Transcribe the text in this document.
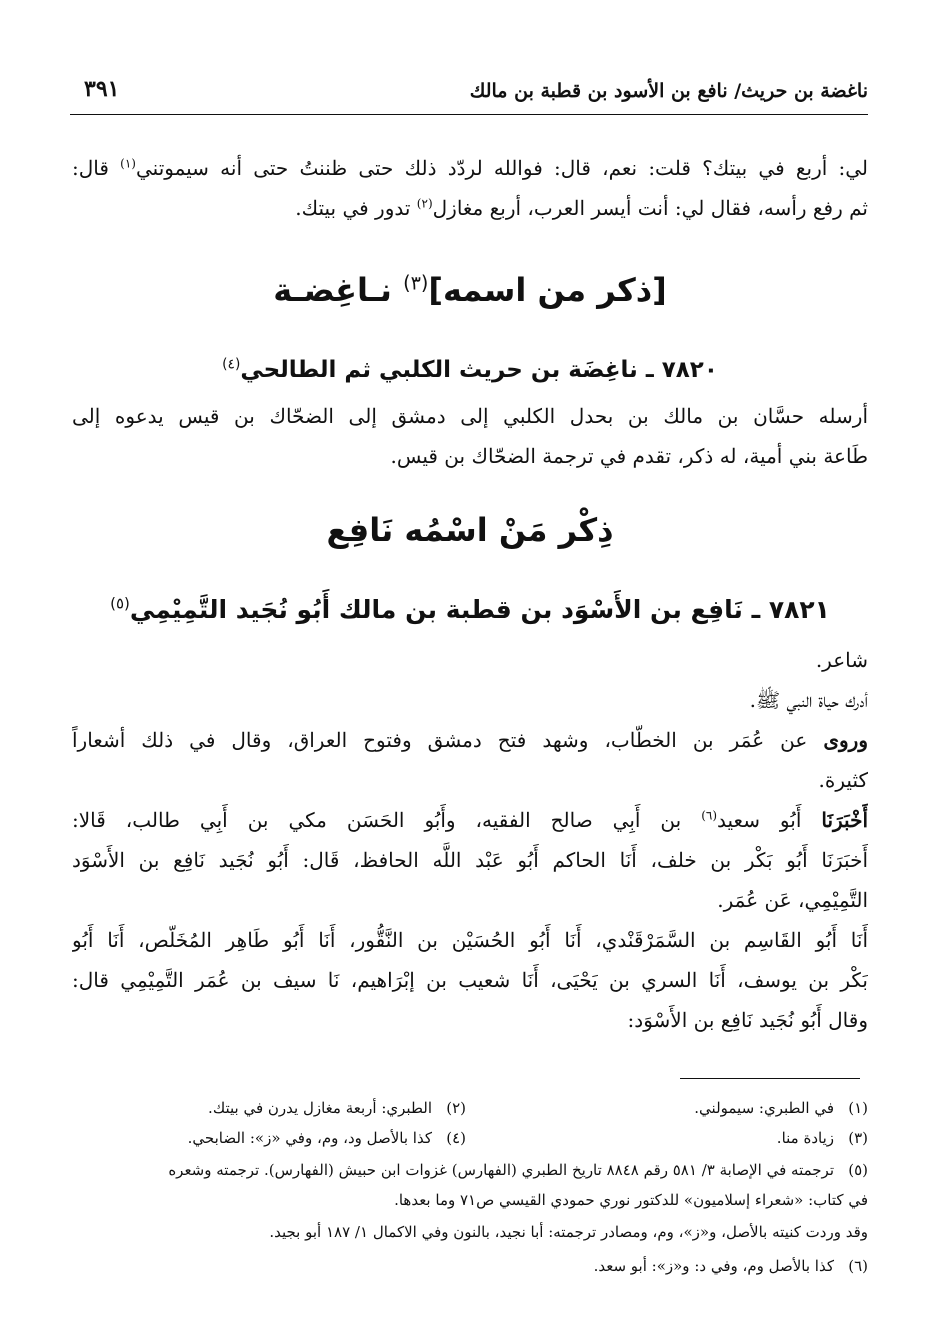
ناغضة بن حريث/ نافع بن الأسود بن قطبة بن مالك
٣٩١
لي: أربع في بيتك؟ قلت: نعم، قال: فوالله لردّد ذلك حتى ظننتُ حتى أنه سيموتني$^{(١)}$ قال:
ثم رفع رأسه، فقال لي: أنت أيسر العرب، أربع مغازل$^{(٢)}$ تدور في بيتك.
[ذكر من اسمه]$^{(٣)}$ نـاغِضـة
٧٨٢٠ ـ ناغِضَة بن حريث الكلبي ثم الطالحي$^{(٤)}$
أرسله حسَّان بن مالك بن بحدل الكلبي إلى دمشق إلى الضحّاك بن قيس يدعوه إلى
طَاعة بني أمية، له ذكر، تقدم في ترجمة الضحّاك بن قيس.
ذِكْر مَنْ اسْمُه نَافِع
٧٨٢١ ـ نَافِع بن الأَسْوَد بن قطبة بن مالك أَبُو نُجَيد التَّمِيْمِي$^{(٥)}$
شاعر.
أدرك حياة النبي ﷺ.
وروى عن عُمَر بن الخطّاب، وشهد فتح دمشق وفتوح العراق، وقال في ذلك أشعاراً
كثيرة.
أَخْبَرَنَا أَبُو سعيد$^{(٦)}$ بن أَبِي صالح الفقيه، وأَبُو الحَسَن مكي بن أَبِي طالب، قَالا:
أَخبَرَنَا أَبُو بَكْر بن خلف، أَنَا الحاكم أَبُو عَبْد اللَّه الحافظ، قَال: أَبُو نُجَيد نَافِع بن الأَسْوَد
التَّمِيْمِي، عَن عُمَر.
أَنَا أَبُو القَاسِم بن السَّمَرْقَنْدي، أَنَا أَبُو الحُسَيْن بن النَّقُّور، أَنَا أَبُو طَاهِر المُخَلّص، أَنَا أَبُو
بَكْر بن يوسف، أَنَا السري بن يَحْيَى، أَنَا شعيب بن إبْرَاهيم، نَا سيف بن عُمَر التَّمِيْمِي قال:
وقال أَبُو نُجَيد نَافِع بن الأَسْوَد:
(١)في الطبري: سيمولني.
(٢)الطبري: أربعة مغازل يدرن في بيتك.
(٣)زيادة منا.
(٤)كذا بالأصل ود، وم، وفي «ز»: الضابحي.
(٥)ترجمته في الإصابة ٣/ ٥٨١ رقم ٨٨٤٨ تاريخ الطبري (الفهارس) غزوات ابن حبيش (الفهارس). ترجمته وشعره
في كتاب: «شعراء إسلاميون» للدكتور نوري حمودي القيسي ص٧١ وما بعدها.
وقد وردت كنيته بالأصل، و«ز»، وم، ومصادر ترجمته: أبا نجيد، بالنون وفي الاكمال ١/ ١٨٧ أبو بجيد.
(٦)كذا بالأصل وم، وفي د: و«ز»: أبو سعد.
